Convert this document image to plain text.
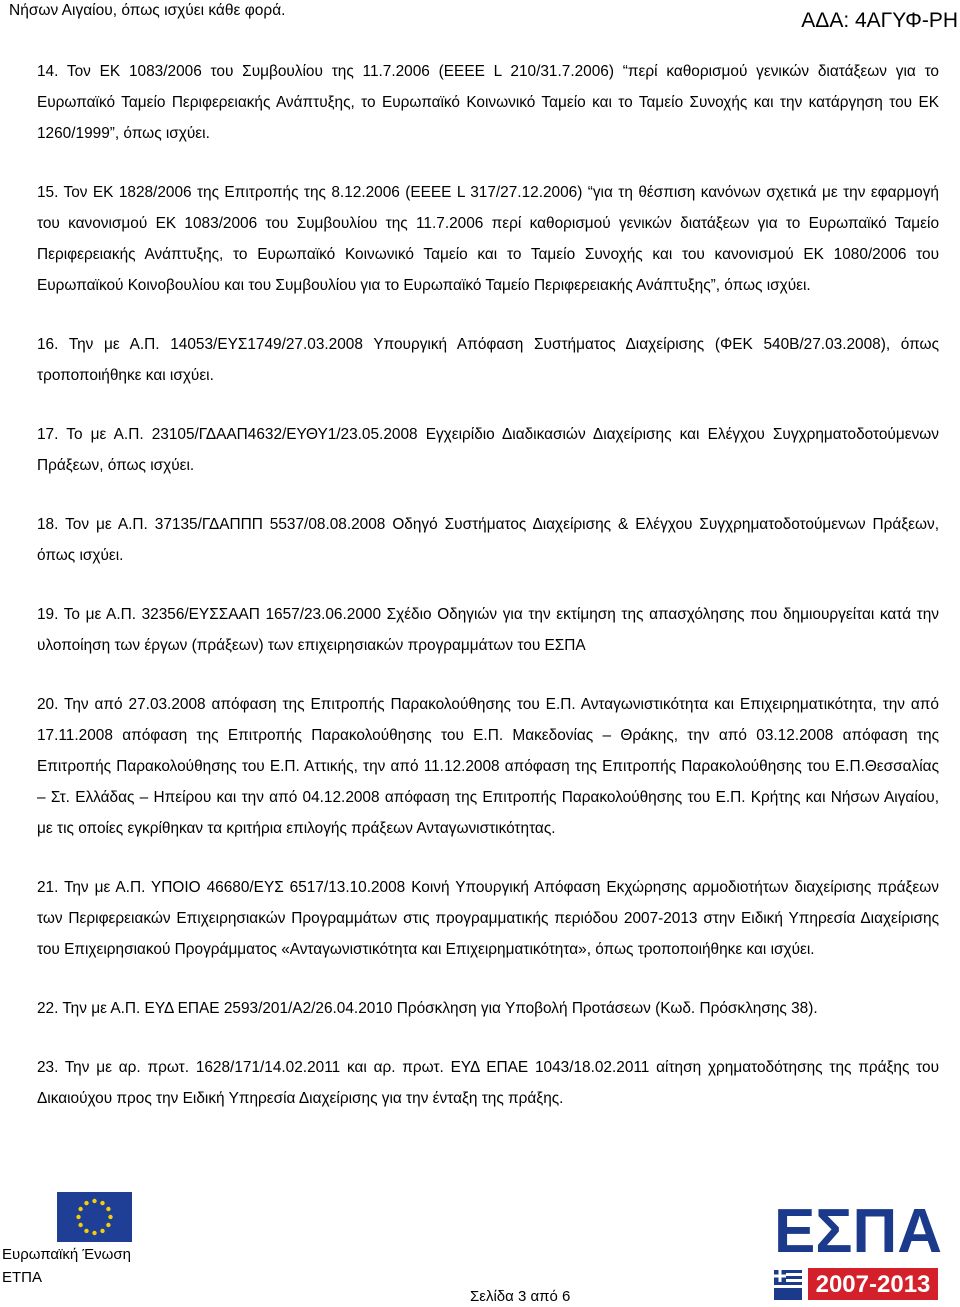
Νήσων Αιγαίου, όπως ισχύει κάθε φορά.	ΑΔΑ: 4ΑΓΥΦ-ΡΗ

14. Τον ΕΚ 1083/2006 του Συμβουλίου της 11.7.2006 (ΕΕΕΕ L 210/31.7.2006) “περί καθορισμού γενικών διατάξεων για το Ευρωπαϊκό Ταμείο Περιφερειακής Ανάπτυξης, το Ευρωπαϊκό Κοινωνικό Ταμείο και το Ταμείο Συνοχής και την κατάργηση του ΕΚ 1260/1999”, όπως ισχύει.

15. Τον ΕΚ 1828/2006 της Επιτροπής της 8.12.2006 (ΕΕΕΕ L 317/27.12.2006) “για τη θέσπιση κανόνων σχετικά με την εφαρμογή του κανονισμού ΕΚ 1083/2006 του Συμβουλίου της 11.7.2006 περί καθορισμού γενικών διατάξεων για το Ευρωπαϊκό Ταμείο Περιφερειακής Ανάπτυξης, το Ευρωπαϊκό Κοινωνικό Ταμείο και το Ταμείο Συνοχής και του κανονισμού ΕΚ 1080/2006 του Ευρωπαϊκού Κοινοβουλίου και του Συμβουλίου για το Ευρωπαϊκό Ταμείο Περιφερειακής Ανάπτυξης”, όπως ισχύει.

16. Την με Α.Π. 14053/ΕΥΣ1749/27.03.2008 Υπουργική Απόφαση Συστήματος Διαχείρισης (ΦΕΚ 540Β/27.03.2008), όπως τροποποιήθηκε και ισχύει.

17. Το με Α.Π. 23105/ΓΔΑΑΠ4632/ΕΥΘΥ1/23.05.2008 Εγχειρίδιο Διαδικασιών Διαχείρισης και Ελέγχου Συγχρηματοδοτούμενων Πράξεων, όπως ισχύει.

18. Τον με Α.Π. 37135/ΓΔΑΠΠΠ 5537/08.08.2008 Οδηγό Συστήματος Διαχείρισης & Ελέγχου Συγχρηματοδοτούμενων Πράξεων, όπως ισχύει.

19. Το με Α.Π. 32356/ΕΥΣΣΑΑΠ 1657/23.06.2000 Σχέδιο Οδηγιών για την εκτίμηση της απασχόλησης που δημιουργείται κατά την υλοποίηση των έργων (πράξεων) των επιχειρησιακών προγραμμάτων του ΕΣΠΑ

20. Την από 27.03.2008 απόφαση της Επιτροπής Παρακολούθησης του Ε.Π. Ανταγωνιστικότητα και Επιχειρηματικότητα, την από 17.11.2008 απόφαση της Επιτροπής Παρακολούθησης του Ε.Π. Μακεδονίας – Θράκης, την από 03.12.2008 απόφαση της Επιτροπής Παρακολούθησης του Ε.Π. Αττικής, την από 11.12.2008 απόφαση της Επιτροπής Παρακολούθησης του Ε.Π.Θεσσαλίας – Στ. Ελλάδας – Ηπείρου και την από 04.12.2008 απόφαση της Επιτροπής Παρακολούθησης του Ε.Π. Κρήτης και Νήσων Αιγαίου, με τις οποίες εγκρίθηκαν τα κριτήρια επιλογής πράξεων Ανταγωνιστικότητας.

21. Την με Α.Π. ΥΠΟΙΟ 46680/ΕΥΣ 6517/13.10.2008 Κοινή Υπουργική Απόφαση Εκχώρησης αρμοδιοτήτων διαχείρισης πράξεων των Περιφερειακών Επιχειρησιακών Προγραμμάτων στις προγραμματικής περιόδου 2007-2013 στην Ειδική Υπηρεσία Διαχείρισης του Επιχειρησιακού Προγράμματος «Ανταγωνιστικότητα και Επιχειρηματικότητα», όπως τροποποιήθηκε και ισχύει.

22. Την με Α.Π. ΕΥΔ ΕΠΑΕ 2593/201/Α2/26.04.2010 Πρόσκληση για Υποβολή Προτάσεων (Κωδ. Πρόσκλησης 38).

23. Την με αρ. πρωτ. 1628/171/14.02.2011 και αρ. πρωτ. ΕΥΔ ΕΠΑΕ 1043/18.02.2011 αίτηση χρηματοδότησης της πράξης του Δικαιούχου προς την Ειδική Υπηρεσία Διαχείρισης για την ένταξη της πράξης.

Ευρωπαϊκή Ένωση
ΕΤΠΑ
Σελίδα 3 από 6
ΕΣΠΑ
2007-2013
